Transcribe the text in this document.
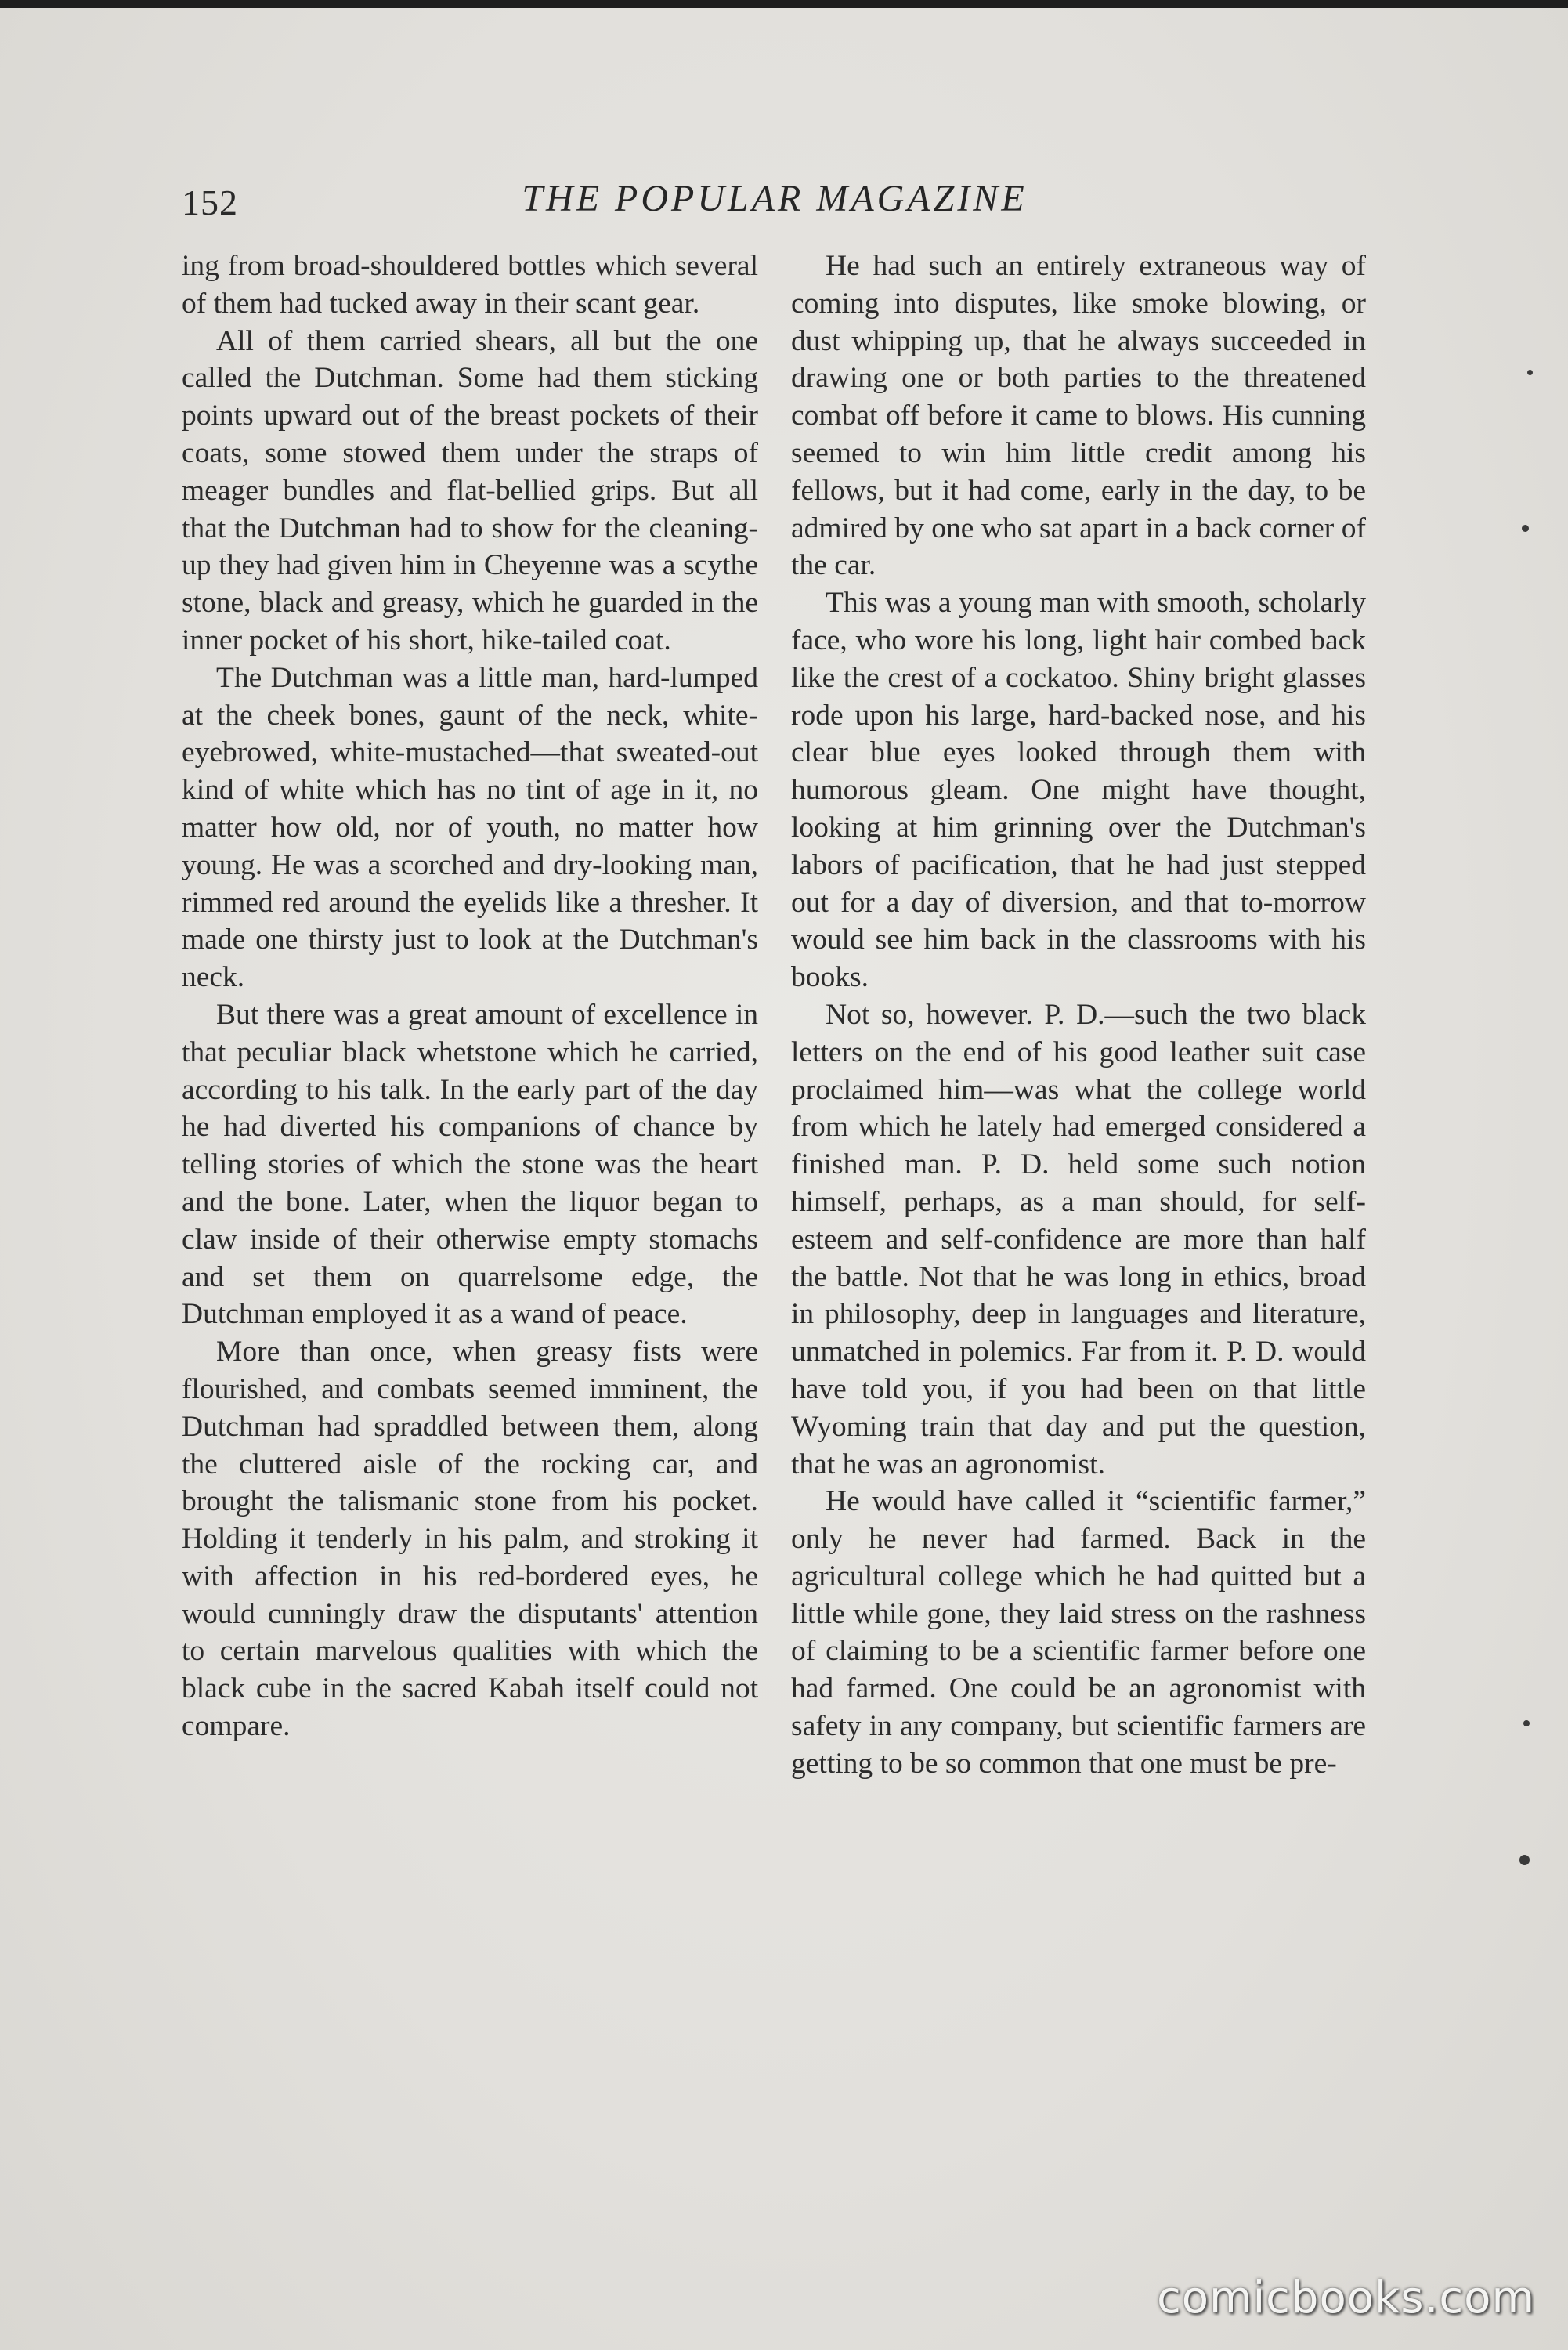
152	THE POPULAR MAGAZINE

ing from broad-shouldered bottles which several of them had tucked away in their scant gear.

All of them carried shears, all but the one called the Dutchman. Some had them sticking points upward out of the breast pockets of their coats, some stowed them under the straps of meager bundles and flat-bellied grips. But all that the Dutchman had to show for the cleaning-up they had given him in Cheyenne was a scythe stone, black and greasy, which he guarded in the inner pocket of his short, hike-tailed coat.

The Dutchman was a little man, hard-lumped at the cheek bones, gaunt of the neck, white-eyebrowed, white-mustached—that sweated-out kind of white which has no tint of age in it, no matter how old, nor of youth, no matter how young. He was a scorched and dry-looking man, rimmed red around the eyelids like a thresher. It made one thirsty just to look at the Dutchman's neck.

But there was a great amount of excellence in that peculiar black whetstone which he carried, according to his talk. In the early part of the day he had diverted his companions of chance by telling stories of which the stone was the heart and the bone. Later, when the liquor began to claw inside of their otherwise empty stomachs and set them on quarrelsome edge, the Dutchman employed it as a wand of peace.

More than once, when greasy fists were flourished, and combats seemed imminent, the Dutchman had spraddled between them, along the cluttered aisle of the rocking car, and brought the talismanic stone from his pocket. Holding it tenderly in his palm, and stroking it with affection in his red-bordered eyes, he would cunningly draw the disputants' attention to certain marvelous qualities with which the black cube in the sacred Kabah itself could not compare.

He had such an entirely extraneous way of coming into disputes, like smoke blowing, or dust whipping up, that he always succeeded in drawing one or both parties to the threatened combat off before it came to blows. His cunning seemed to win him little credit among his fellows, but it had come, early in the day, to be admired by one who sat apart in a back corner of the car.

This was a young man with smooth, scholarly face, who wore his long, light hair combed back like the crest of a cockatoo. Shiny bright glasses rode upon his large, hard-backed nose, and his clear blue eyes looked through them with humorous gleam. One might have thought, looking at him grinning over the Dutchman's labors of pacification, that he had just stepped out for a day of diversion, and that to-morrow would see him back in the classrooms with his books.

Not so, however. P. D.—such the two black letters on the end of his good leather suit case proclaimed him—was what the college world from which he lately had emerged considered a finished man. P. D. held some such notion himself, perhaps, as a man should, for self-esteem and self-confidence are more than half the battle. Not that he was long in ethics, broad in philosophy, deep in languages and literature, unmatched in polemics. Far from it. P. D. would have told you, if you had been on that little Wyoming train that day and put the question, that he was an agronomist.

He would have called it “scientific farmer,” only he never had farmed. Back in the agricultural college which he had quitted but a little while gone, they laid stress on the rashness of claiming to be a scientific farmer before one had farmed. One could be an agronomist with safety in any company, but scientific farmers are getting to be so common that one must be pre-

comicbooks.com
